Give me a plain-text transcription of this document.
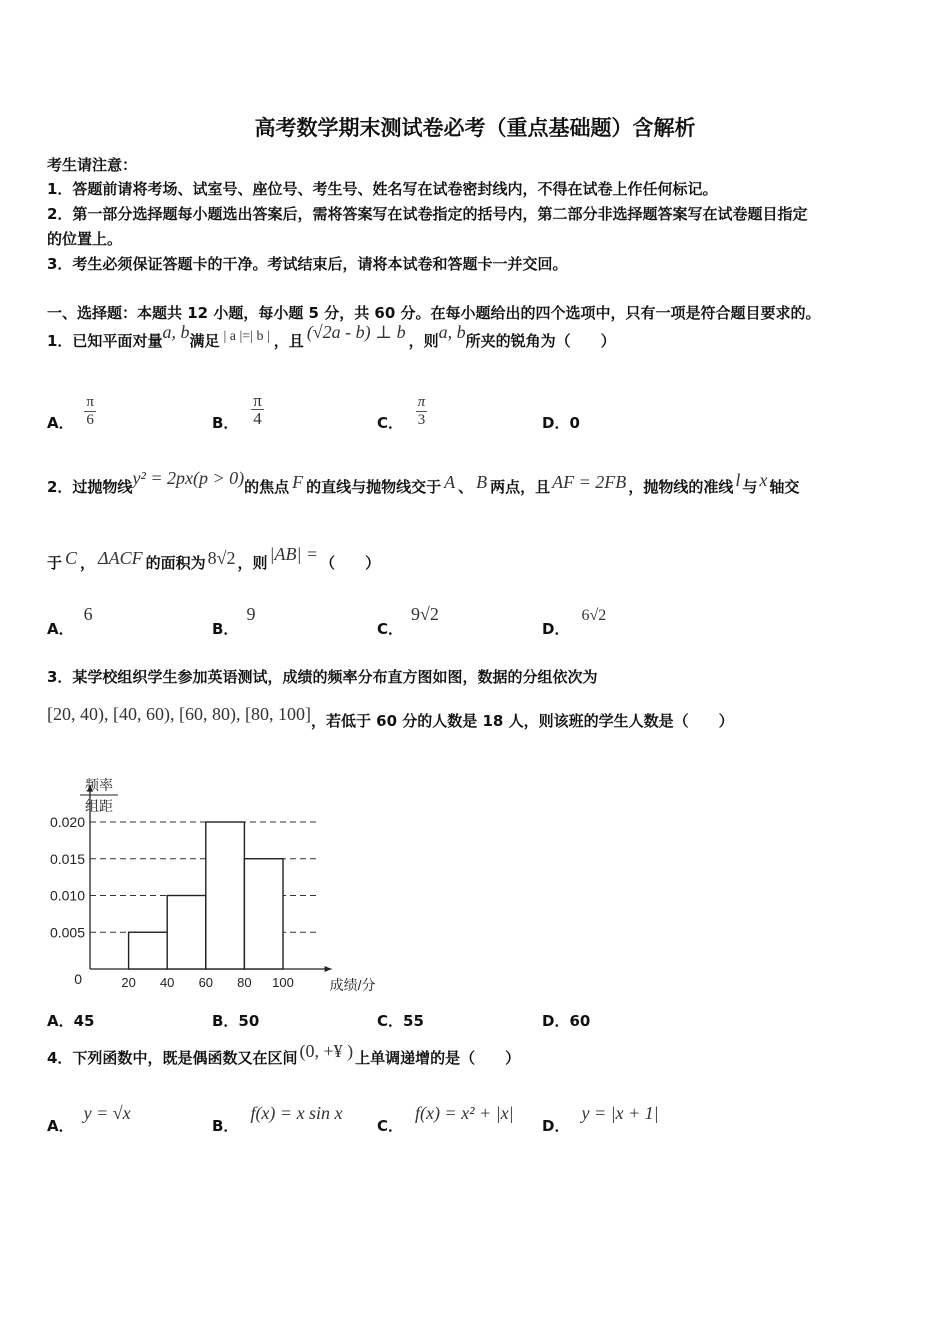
高考数学期末测试卷必考（重点基础题）含解析
考生请注意：
1．答题前请将考场、试室号、座位号、考生号、姓名写在试卷密封线内，不得在试卷上作任何标记。
2．第一部分选择题每小题选出答案后，需将答案写在试卷指定的括号内，第二部分非选择题答案写在试卷题目指定
的位置上。
3．考生必须保证答题卡的干净。考试结束后，请将本试卷和答题卡一并交回。
一、选择题：本题共 12 小题，每小题 5 分，共 60 分。在每小题给出的四个选项中，只有一项是符合题目要求的。
1．已知平面对量a, b满足 | a |=| b | ，且 (√2a - b) ⊥ b ，则a, b所夹的锐角为（　　）
A． $\frac{\pi}{6}$	B． $\frac{\pi}{4}$	C． $\frac{\pi}{3}$	D．0
2．过抛物线y² = 2px(p > 0)的焦点 F 的直线与抛物线交于 A 、 B 两点，且 AF = 2FB ，抛物线的准线 l 与 x 轴交
于 C ， ΔACF 的面积为 8√2 ，则 |AB| = （　　）
A．6
B．9
C．9√2
D．6√2
3．某学校组织学生参加英语测试，成绩的频率分布直方图如图，数据的分组依次为
[20, 40), [40, 60), [60, 80), [80, 100]，若低于 60 分的人数是 18 人，则该班的学生人数是（　　）
0.005
0.010
0.015
0.020
20 40 60 80 100
0	成绩/分
频率
组距
A．45	B．50	C．55	D．60
4．下列函数中，既是偶函数又在区间 (0, +¥ ) 上单调递增的是（　　）
A．y = √x
B．f(x) = x sin x
C．f(x) = x² + |x|
D．y = |x + 1|
